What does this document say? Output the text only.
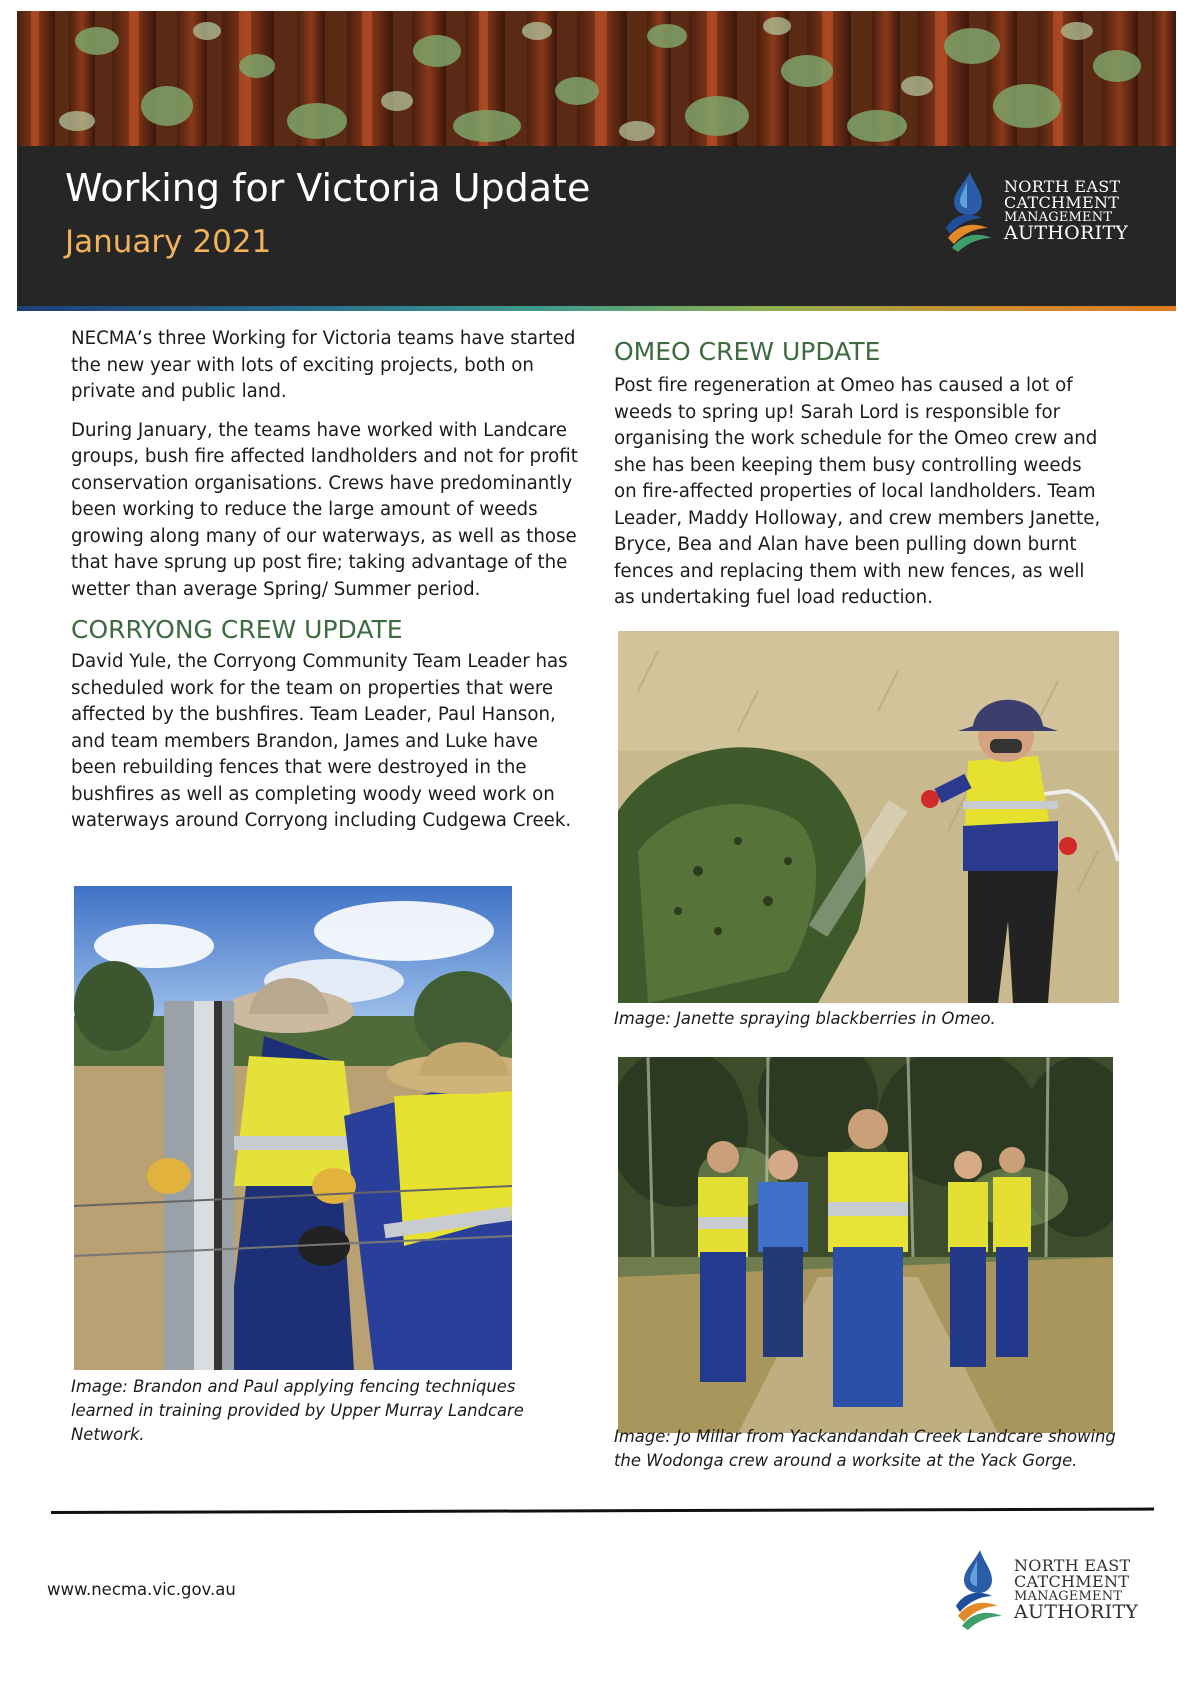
Working for Victoria Update
January 2021
NORTH EAST
CATCHMENT
MANAGEMENT
AUTHORITY

NECMA’s three Working for Victoria teams have started the new year with lots of exciting projects, both on private and public land.

During January, the teams have worked with Landcare groups, bush fire affected landholders and not for profit conservation organisations. Crews have predominantly been working to reduce the large amount of weeds growing along many of our waterways, as well as those that have sprung up post fire; taking advantage of the wetter than average Spring/ Summer period.

CORRYONG CREW UPDATE

David Yule, the Corryong Community Team Leader has scheduled work for the team on properties that were affected by the bushfires. Team Leader, Paul Hanson, and team members Brandon, James and Luke have been rebuilding fences that were destroyed in the bushfires as well as completing woody weed work on waterways around Corryong including Cudgewa Creek.

Image: Brandon and Paul applying fencing techniques learned in training provided by Upper Murray Landcare Network.
OMEO CREW UPDATE

Post fire regeneration at Omeo has caused a lot of weeds to spring up! Sarah Lord is responsible for organising the work schedule for the Omeo crew and she has been keeping them busy controlling weeds on fire-affected properties of local landholders. Team Leader, Maddy Holloway, and crew members Janette, Bryce, Bea and Alan have been pulling down burnt fences and replacing them with new fences, as well as undertaking fuel load reduction.

Image: Janette spraying blackberries in Omeo.
Image: Jo Millar from Yackandandah Creek Landcare showing the Wodonga crew around a worksite at the Yack Gorge.
www.necma.vic.gov.au
NORTH EAST
CATCHMENT
MANAGEMENT
AUTHORITY
